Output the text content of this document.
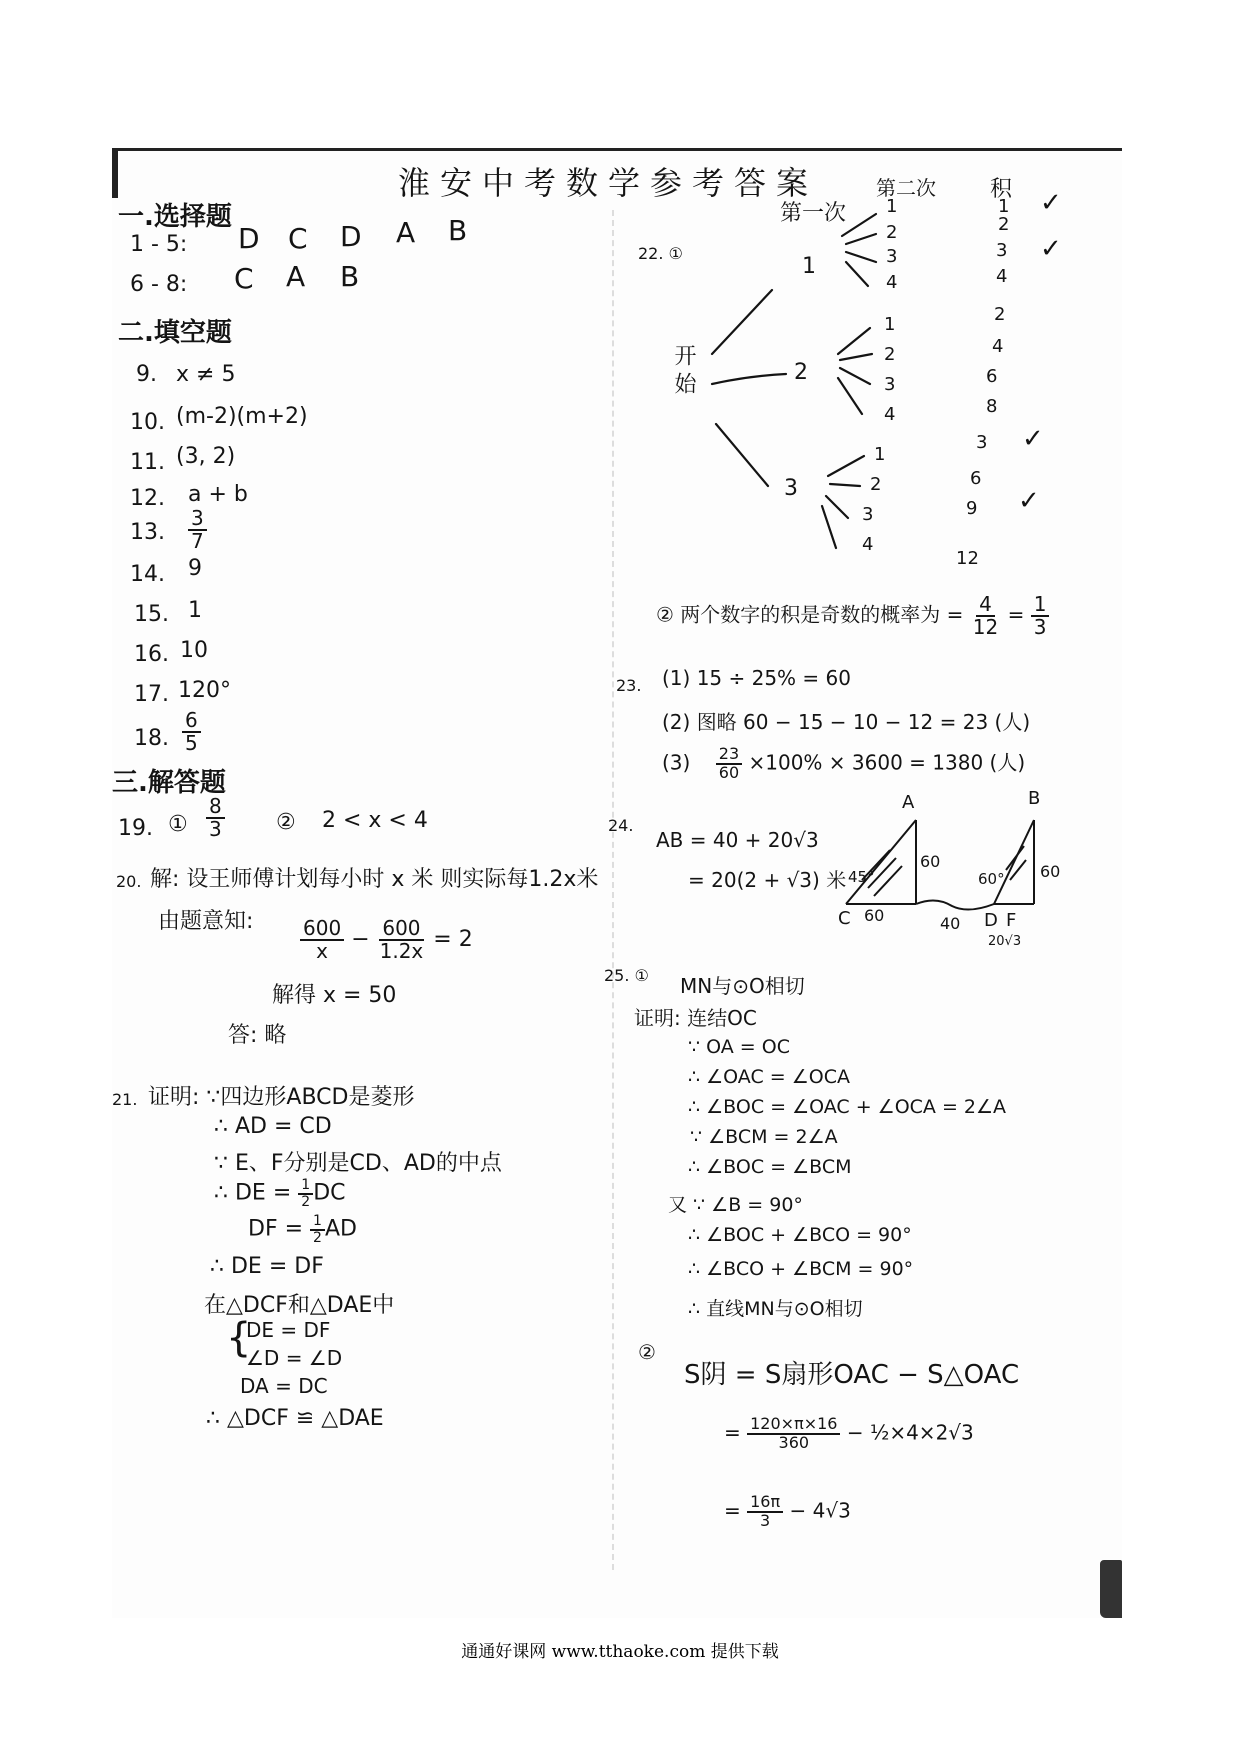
淮安中考数学参考答案
一.选择题
1 - 5: D C D A B
6 - 8: C A B
二.填空题
9. x ≠ 5
10. (m-2)(m+2)
11. (3, 2)
12. a + b
13. $\frac{3}{7}$
14. 9
15. 1
16. 10
17. 120°
18. $\frac{6}{5}$
三.解答题
19. ① $\frac{8}{3}$ ② 2 < x < 4
20. 解: 设王师傅计划每小时 x 米 则实际每1.2x米
由题意知: $\frac{600}{x} - \frac{600}{1.2x} = 2$
解得 x = 50
答: 略
21. 证明: ∵四边形ABCD是菱形
∴ AD = CD
∵ E、F分别是CD、AD的中点
∴ DE = $\frac{1}{2}$ DC
DF = $\frac{1}{2}$ AD
∴ DE = DF
在△DCF和△DAE中
{
DE = DF
∠D = ∠D
DA = DC
∴ △DCF ≌ △DAE
22. ①
第一次
第二次 积
开始
1
2
3
1
2
3
4
1
2
3
4
1
2
3
4
1
2
3
4
2
4
6
8
3
6
9
12
✓
✓
✓
✓
② 两个数字的积是奇数的概率为 = $\frac{4}{12} = \frac{1}{3}$
23. (1) 15 ÷ 25% = 60
(2) 图略 60 − 15 − 10 − 12 = 23 (人)
$(3) \frac{23}{60} \times 100\% \times 3600 = 1380$ (人)
24.
AB = 40 + 20√3
= 20(2 + √3) 米
A	B
C	D F
45°	60°
60
60
60	40
20√3
25. ① MN与⊙O相切
证明: 连结OC
∵ OA = OC
∴ ∠OAC = ∠OCA
∴ ∠BOC = ∠OAC + ∠OCA = 2∠A
∵ ∠BCM = 2∠A
∴ ∠BOC = ∠BCM
又 ∵ ∠B = 90°
∴ ∠BOC + ∠BCO = 90°
∴ ∠BCO + ∠BCM = 90°
∴ 直线MN与⊙O相切
②
S阴 = S扇形OAC − S△OAC
= $\frac{120\times\pi\times 16}{360}$ − ½×4×2√3
= $\frac{16\pi}{3} - 4√3$
通通好课网 www.tthaoke.com 提供下载
